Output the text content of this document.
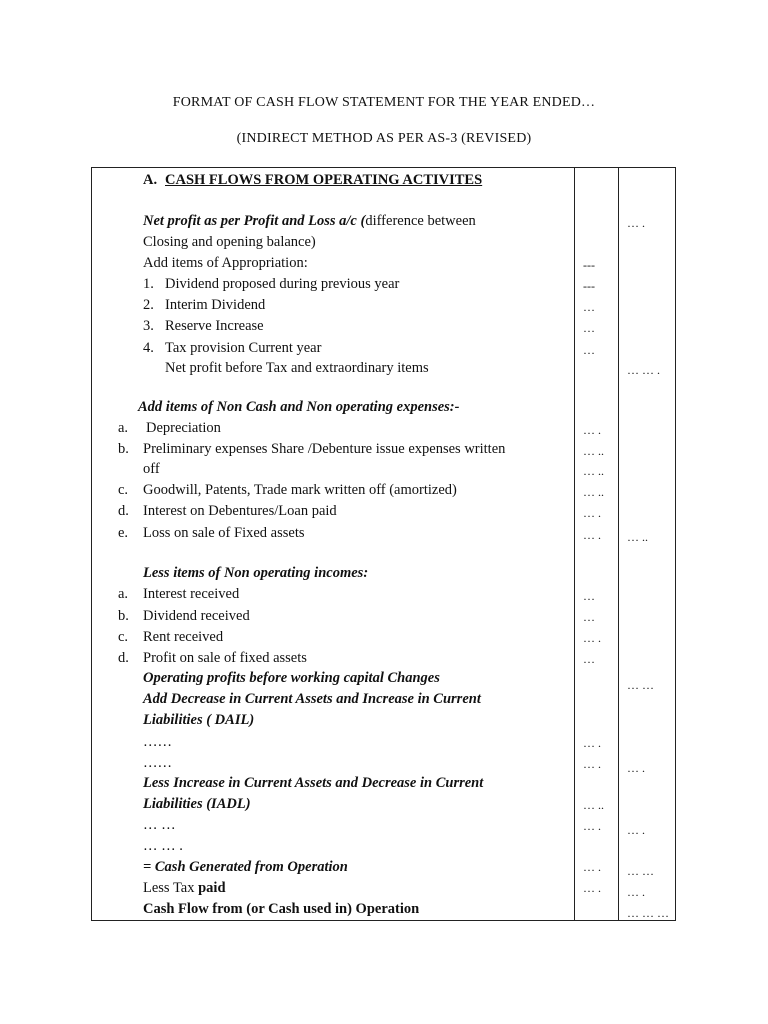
FORMAT OF CASH FLOW STATEMENT FOR THE YEAR ENDED…
(INDIRECT METHOD AS PER AS-3 (REVISED)
A. CASH FLOWS FROM OPERATING ACTIVITES
Net profit as per Profit and Loss a/c (difference between
Closing and opening balance)
Add items of Appropriation:
1. Dividend proposed during previous year
2. Interim Dividend
3. Reserve Increase
4. Tax provision Current year
Net profit before Tax and extraordinary items
Add items of Non Cash and Non operating expenses:-
a. Depreciation
b. Preliminary expenses Share /Debenture issue expenses written
off
c. Goodwill, Patents, Trade mark written off (amortized)
d. Interest on Debentures/Loan paid
e. Loss on sale of Fixed assets
Less items of Non operating incomes:
a. Interest received
b. Dividend received
c. Rent received
d. Profit on sale of fixed assets
Operating profits before working capital Changes
Add Decrease in Current Assets and Increase in Current
Liabilities ( DAIL)
……
……
Less Increase in Current Assets and Decrease in Current
Liabilities (IADL)
… …
… … .
= Cash Generated from Operation
Less Tax paid
Cash Flow from (or Cash used in) Operation
---
---
…
…
…
… .
… ..
… ..
… ..
… .
… .
…
…
… .
…
… .
… .
… ..
… .
… .
… .
… .
… … .
… ..
… …
… .
… .
… …
… .
… … …
